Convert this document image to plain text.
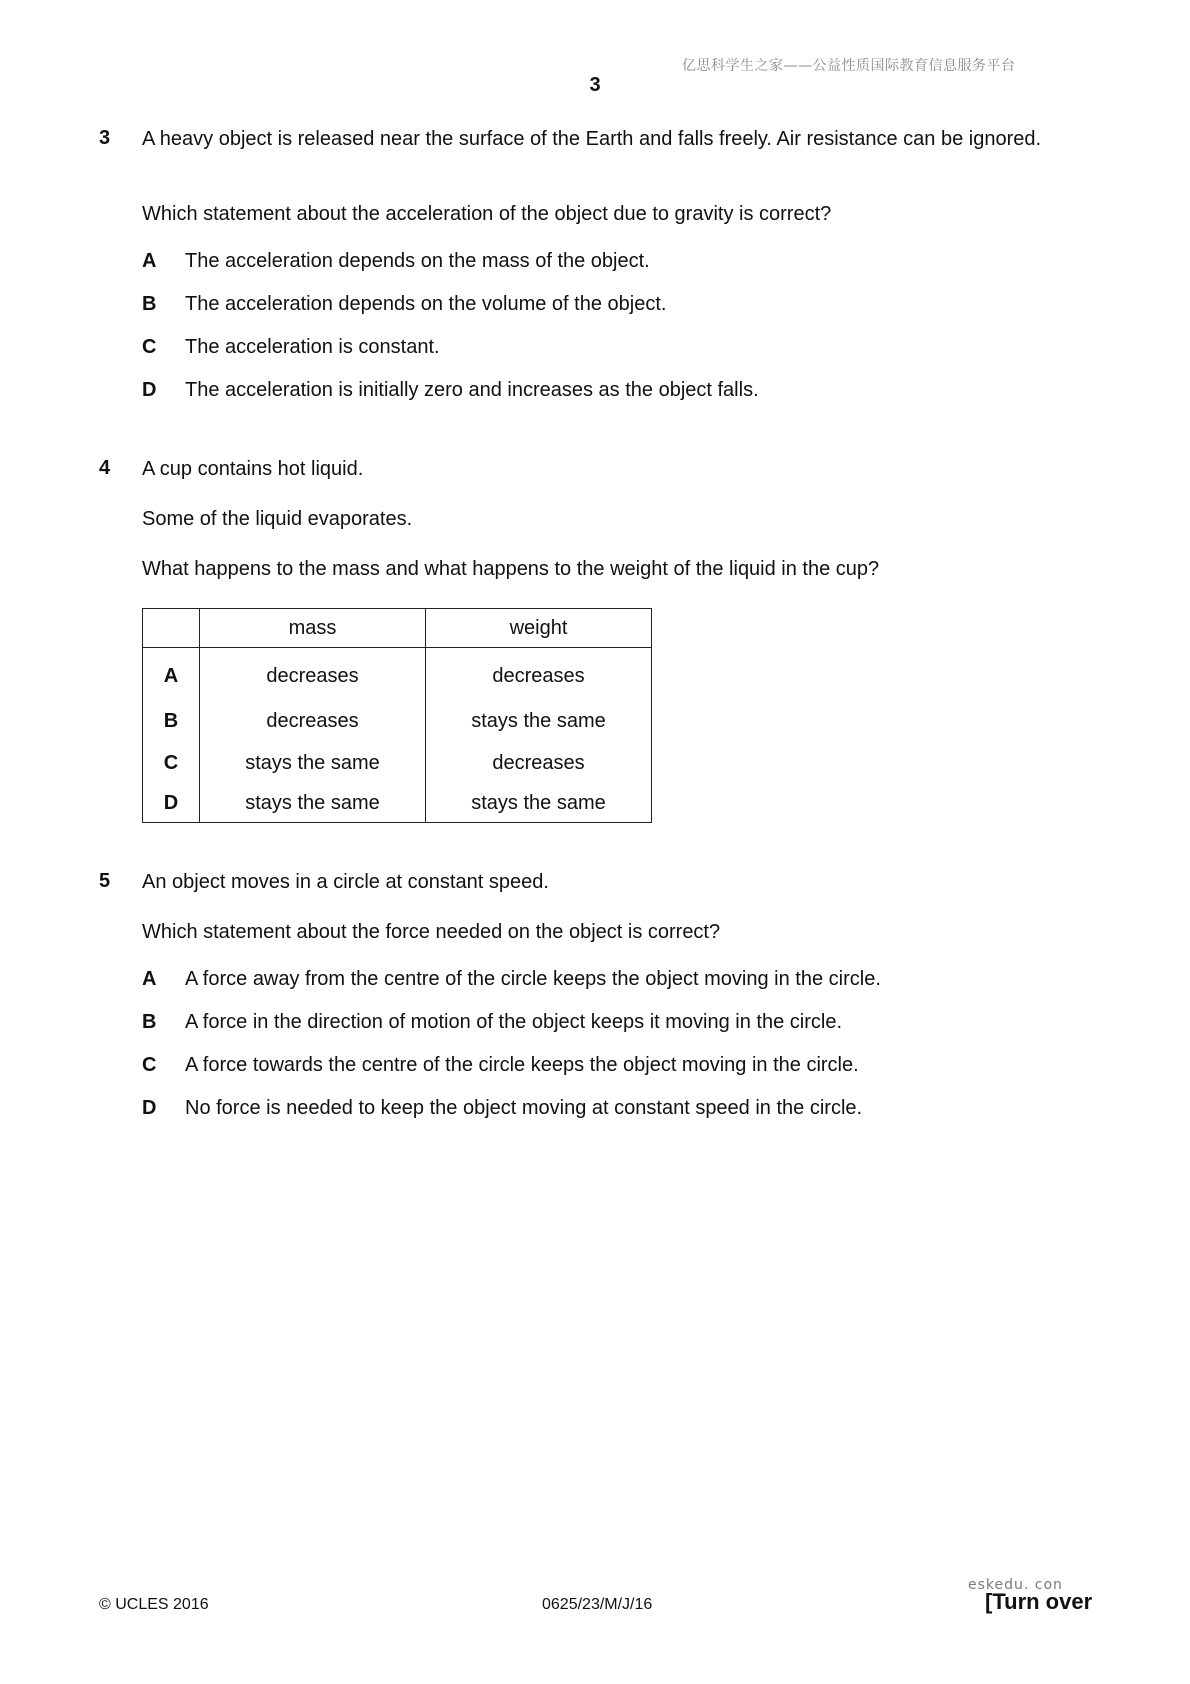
亿思科学生之家——公益性质国际教育信息服务平台
3
3 A heavy object is released near the surface of the Earth and falls freely. Air resistance can be ignored.
Which statement about the acceleration of the object due to gravity is correct?
A The acceleration depends on the mass of the object.
B The acceleration depends on the volume of the object.
C The acceleration is constant.
D The acceleration is initially zero and increases as the object falls.
4 A cup contains hot liquid.
Some of the liquid evaporates.
What happens to the mass and what happens to the weight of the liquid in the cup?
	mass	weight
A	decreases	decreases
B	decreases	stays the same
C	stays the same	decreases
D	stays the same	stays the same
5 An object moves in a circle at constant speed.
Which statement about the force needed on the object is correct?
A A force away from the centre of the circle keeps the object moving in the circle.
B A force in the direction of motion of the object keeps it moving in the circle.
C A force towards the centre of the circle keeps the object moving in the circle.
D No force is needed to keep the object moving at constant speed in the circle.
© UCLES 2016	0625/23/M/J/16
eskedu. con
[Turn over
